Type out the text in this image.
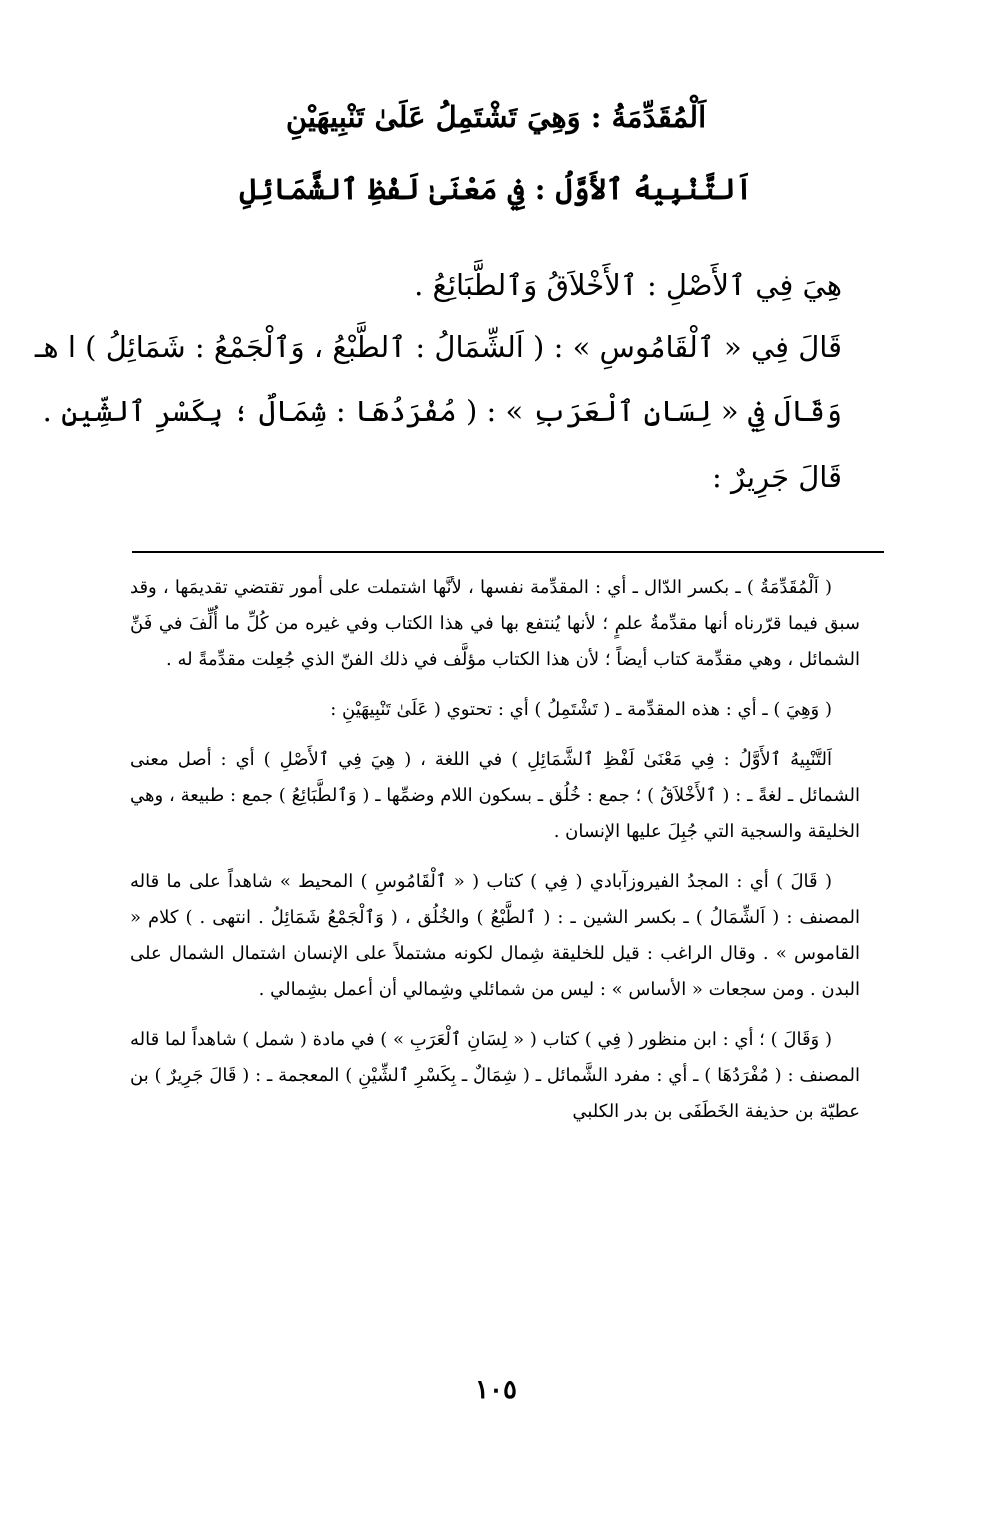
اَلْمُقَدِّمَةُ : وَهِيَ تَشْتَمِلُ عَلَىٰ تَنْبِيهَيْنِ
اَلتَّنْبِيهُ ٱلأَوَّلُ : فِي مَعْنَىٰ لَفْظِ ٱلشَّمَائِلِ
هِيَ فِي ٱلأَصْلِ : ٱلأَخْلاَقُ وَٱلطَّبَائِعُ .
قَالَ فِي « ٱلْقَامُوسِ » : ( اَلشِّمَالُ : ٱلطَّبْعُ ، وَٱلْجَمْعُ : شَمَائِلُ ) ا هـ
وَقَالَ فِي « لِسَانِ ٱلْعَرَبِ » : ( مُفْرَدُهَا : شِمَالٌ ؛ بِكَسْرِ ٱلشِّينِ .
قَالَ جَرِيرٌ :

( اَلْمُقَدِّمَةُ ) ـ بكسر الدّال ـ أي : المقدِّمة نفسها ، لأنَّها اشتملت على أمور تقتضي تقديمَها ، وقد سبق فيما قرّرناه أنها مقدِّمةُ علمٍ ؛ لأنها يُنتفع بها في هذا الكتاب وفي غيره من كُلِّ ما أُلِّفَ في فَنِّ الشمائل ، وهي مقدِّمة كتاب أيضاً ؛ لأن هذا الكتاب مؤلَّف في ذلك الفنّ الذي جُعِلت مقدِّمةً له .

( وَهِيَ ) ـ أي : هذه المقدِّمة ـ ( تَشْتَمِلُ ) أي : تحتوي ( عَلَىٰ تَنْبِيهَيْنِ :

اَلتَّنْبِيهُ ٱلأَوَّلُ : فِي مَعْنَىٰ لَفْظِ ٱلشَّمَائِلِ ) في اللغة ، ( هِيَ فِي ٱلأَصْلِ ) أي : أصل معنى الشمائل ـ لغةً ـ : ( ٱلأَخْلاَقُ ) ؛ جمع : خُلُق ـ بسكون اللام وضمِّها ـ ( وَٱلطَّبَائِعُ ) جمع : طبيعة ، وهي الخليقة والسجية التي جُبِلَ عليها الإنسان .

( قَالَ ) أي : المجدُ الفيروزآبادي ( فِي ) كتاب ( « ٱلْقَامُوسِ ) المحيط » شاهداً على ما قاله المصنف : ( اَلشِّمَالُ ) ـ بكسر الشين ـ : ( ٱلطَّبْعُ ) والخُلُق ، ( وَٱلْجَمْعُ شَمَائِلُ . انتهى . ) كلام « القاموس » . وقال الراغب : قيل للخليقة شِمال لكونه مشتملاً على الإنسان اشتمال الشمال على البدن . ومن سجعات « الأساس » : ليس من شمائلي وشِمالي أن أعمل بشِمالي .

( وَقَالَ ) ؛ أي : ابن منظور ( فِي ) كتاب ( « لِسَانِ ٱلْعَرَبِ » ) في مادة ( شمل ) شاهداً لما قاله المصنف : ( مُفْرَدُهَا ) ـ أي : مفرد الشَّمائل ـ ( شِمَالٌ ـ بِكَسْرِ ٱلشِّيْنِ ) المعجمة ـ : ( قَالَ جَرِيرٌ ) بن عطيّة بن حذيفة الخَطَفَى بن بدر الكلبي

١٠٥
